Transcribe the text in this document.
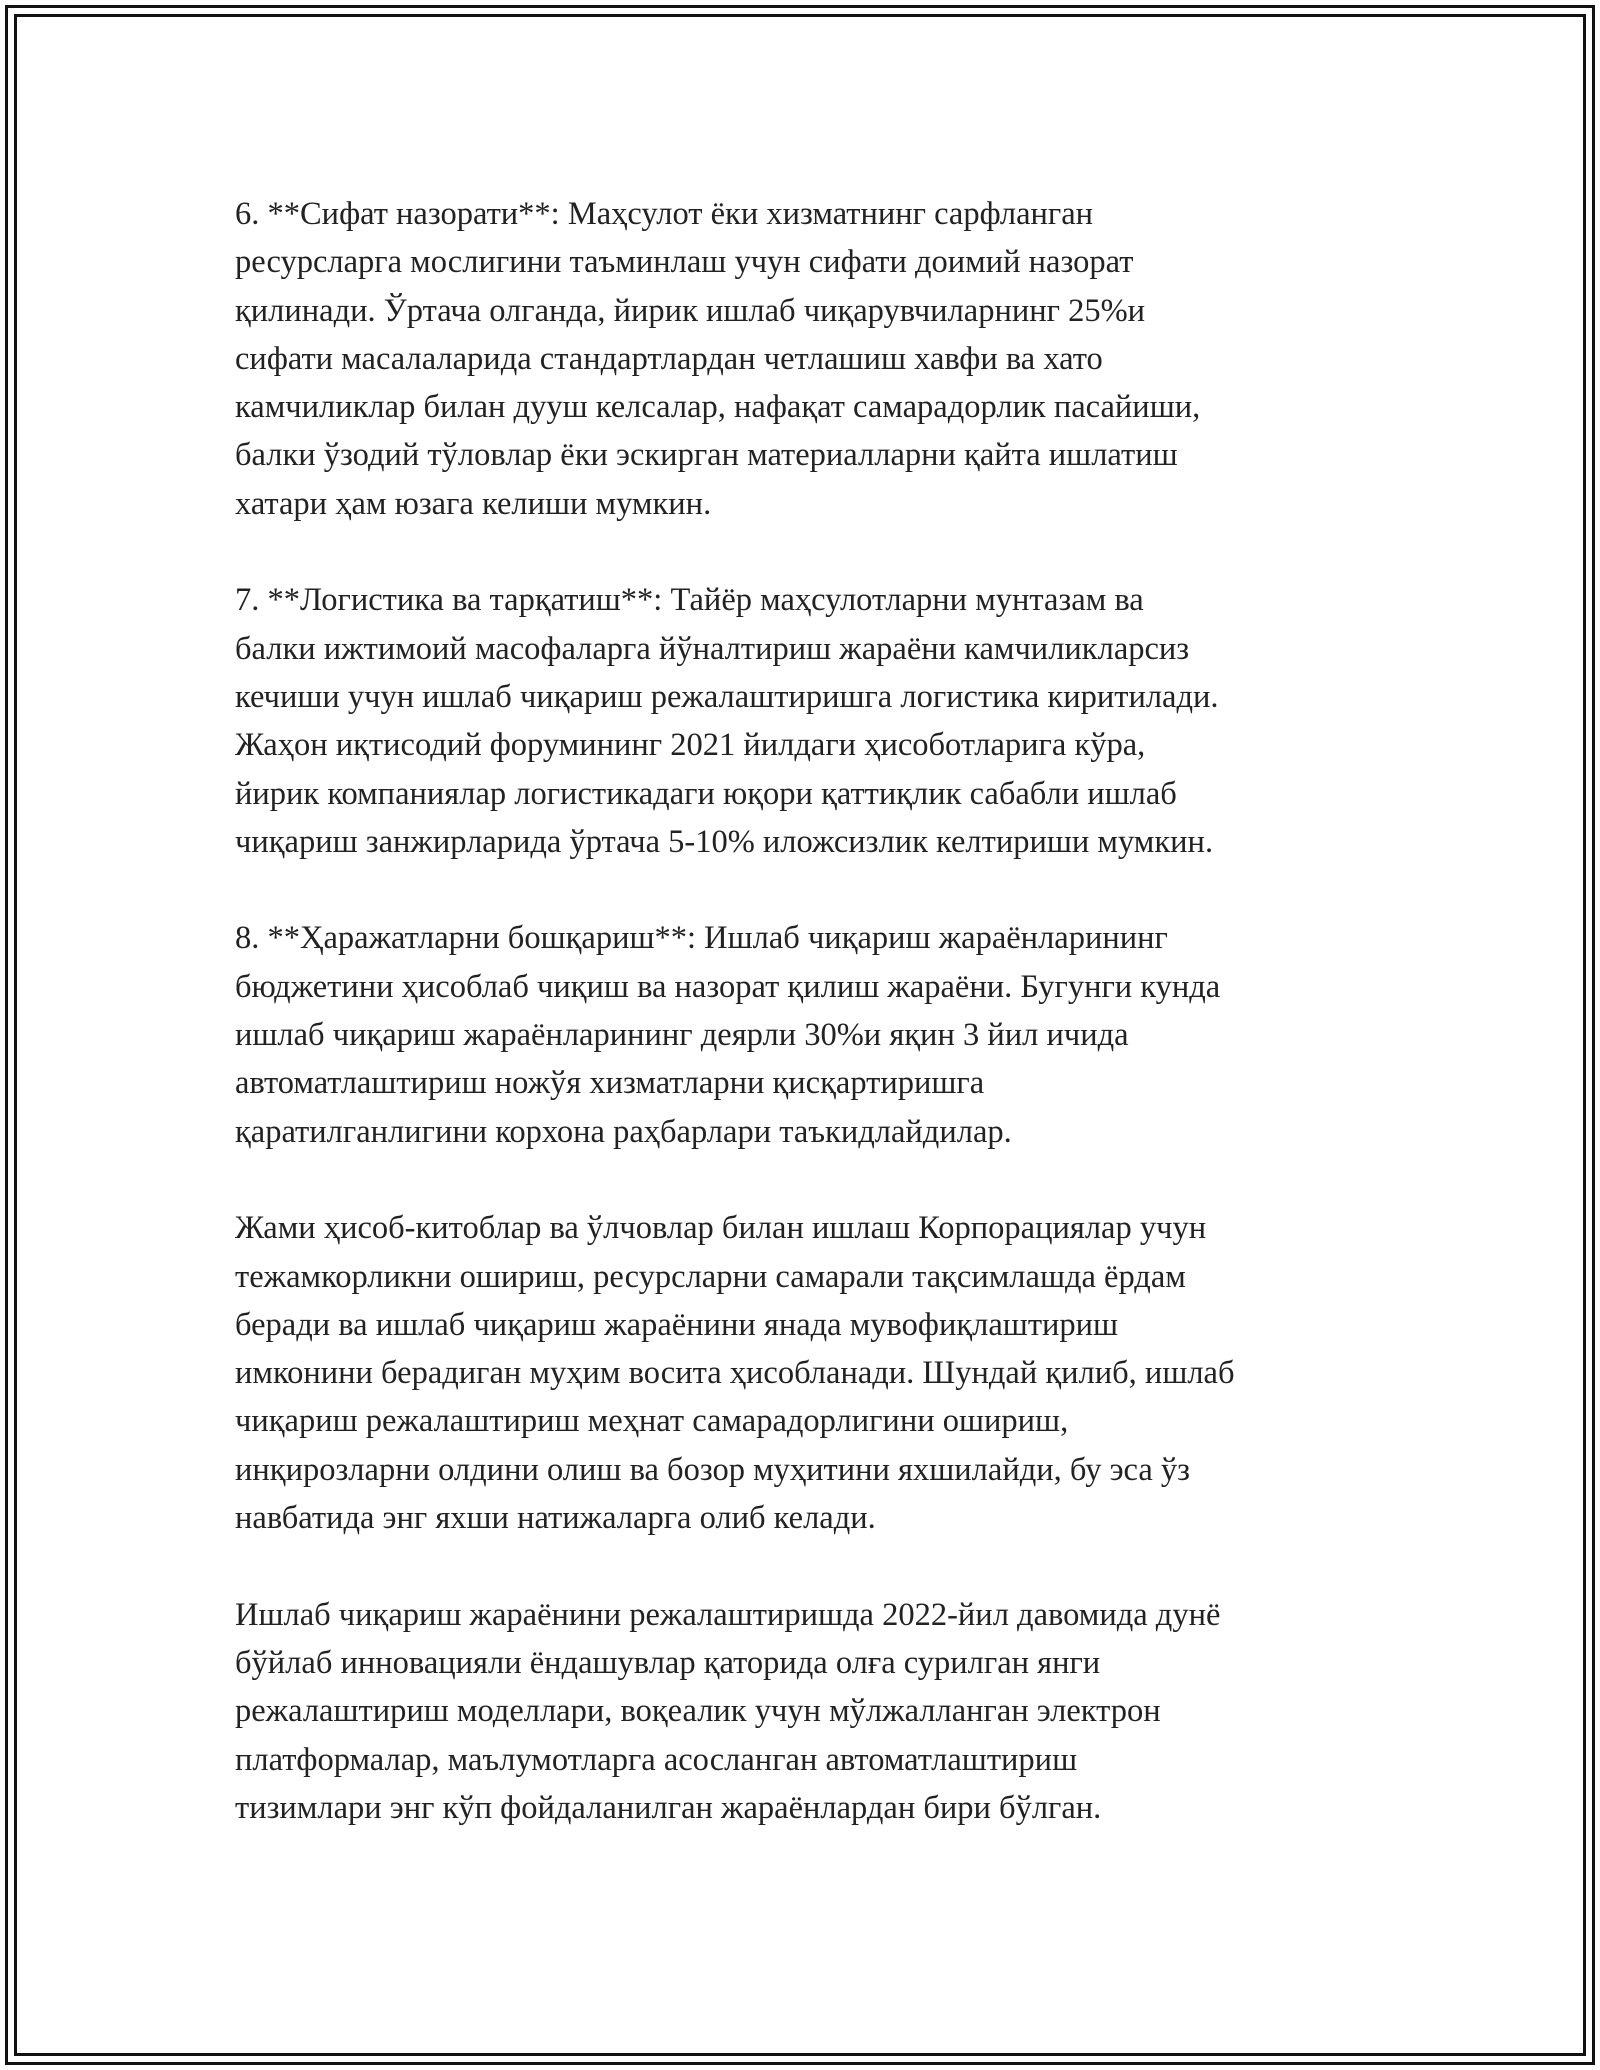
6. **Сифат назорати**: Маҳсулот ёки хизматнинг сарфланган
ресурсларга мослигини таъминлаш учун сифати доимий назорат
қилинади. Ўртача олганда, йирик ишлаб чиқарувчиларнинг 25%и
сифати масалаларида стандартлардан четлашиш хавфи ва хато
камчиликлар билан дууш келсалар, нафақат самарадорлик пасайиши,
балки ўзодий тўловлар ёки эскирган материалларни қайта ишлатиш
хатари ҳам юзага келиши мумкин.
7. **Логистика ва тарқатиш**: Тайёр маҳсулотларни мунтазам ва
балки ижтимоий масофаларга йўналтириш жараёни камчиликларсиз
кечиши учун ишлаб чиқариш режалаштиришга логистика киритилади.
Жаҳон иқтисодий форумининг 2021 йилдаги ҳисоботларига кўра,
йирик компаниялар логистикадаги юқори қаттиқлик сабабли ишлаб
чиқариш занжирларида ўртача 5-10% иложсизлик келтириши мумкин.
8. **Ҳаражатларни бошқариш**: Ишлаб чиқариш жараёнларининг
бюджетини ҳисоблаб чиқиш ва назорат қилиш жараёни. Бугунги кунда
ишлаб чиқариш жараёнларининг деярли 30%и яқин 3 йил ичида
автоматлаштириш ножўя хизматларни қисқартиришга
қаратилганлигини корхона раҳбарлари таъкидлайдилар.
Жами ҳисоб-китоблар ва ўлчовлар билан ишлаш Корпорациялар учун
тежамкорликни ошириш, ресурсларни самарали тақсимлашда ёрдам
беради ва ишлаб чиқариш жараёнини янада мувофиқлаштириш
имконини берадиган муҳим восита ҳисобланади. Шундай қилиб, ишлаб
чиқариш режалаштириш меҳнат самарадорлигини ошириш,
инқирозларни олдини олиш ва бозор муҳитини яхшилайди, бу эса ўз
навбатида энг яхши натижаларга олиб келади.
Ишлаб чиқариш жараёнини режалаштиришда 2022-йил давомида дунё
бўйлаб инновацияли ёндашувлар қаторида олға сурилган янги
режалаштириш моделлари, воқеалик учун мўлжалланган электрон
платформалар, маълумотларга асосланган автоматлаштириш
тизимлари энг кўп фойдаланилган жараёнлардан бири бўлган.
